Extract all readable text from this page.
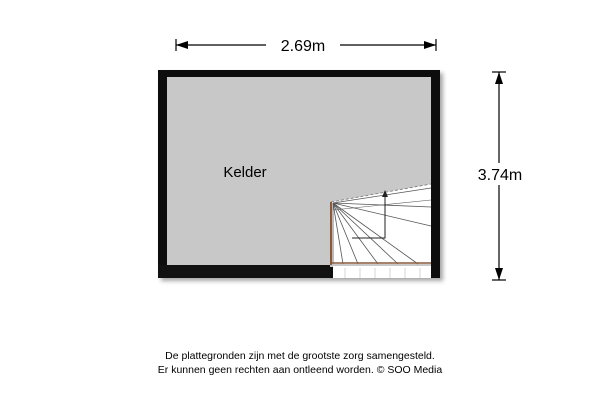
2.69m
3.74m
Kelder
De plattegronden zijn met de grootste zorg samengesteld.
Er kunnen geen rechten aan ontleend worden. © SOO Media
